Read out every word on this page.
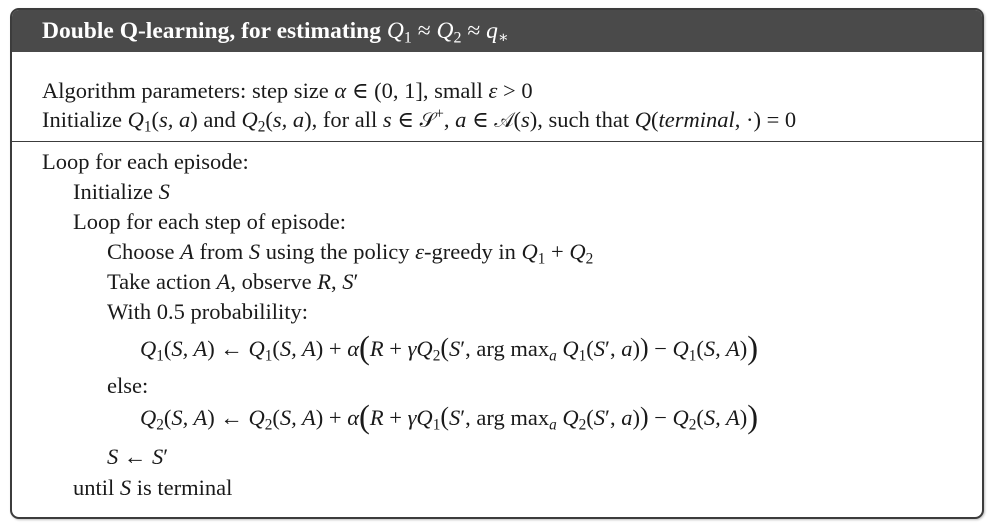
Double Q-learning, for estimating $Q_1 \approx Q_2 \approx q_∗$
Algorithm parameters: step size α ∈ (0, 1], small ε > 0
Initialize $Q_1(s$, a) and $Q_2(s$, a), for all s ∈ 𝒮+, a ∈ 𝒜(s), such that Q(terminal, ·) = 0
Loop for each episode:
Initialize S
Loop for each step of episode:
Choose A from S using the policy ε-greedy in $Q_1 + Q_2$
Take action A, observe R, S′
With 0.5 probabilility:
$Q_1(S$, A) ← $Q_1(S$, $A) + \alpha(R + \gamma Q_2(S'$, arg maxa $Q_1(S'$, $a)) - Q_1(S$, A))
else:
$Q_2(S$, A) ← $Q_2(S$, $A) + \alpha(R + \gamma Q_1(S'$, arg maxa $Q_2(S'$, $a)) - Q_2(S$, A))
S ← S′
until S is terminal
